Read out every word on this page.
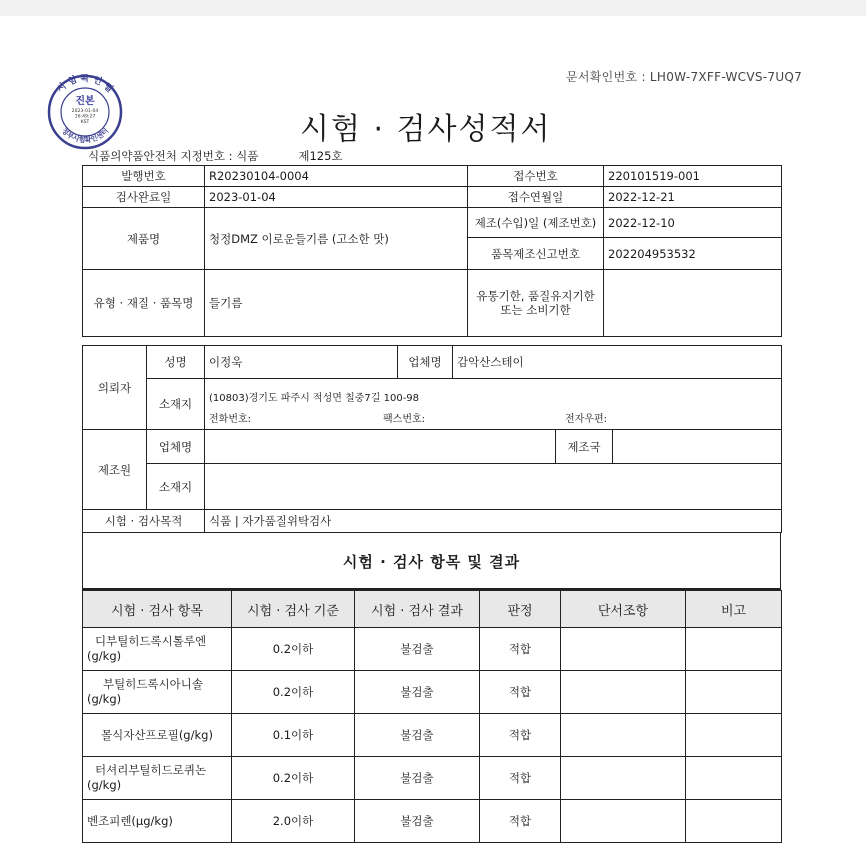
문서확인번호 : LH0W-7XFF-WCVS-7UQ7
시험 · 검사성적서
시 험 확 인 필
정부시험확인센터
진본
2023-01-04
16:49:27
KST
식품의약품안전처 지정번호 : 식품	제125호
발행번호	R20230104-0004	접수번호	220101519-001
검사완료일	2023-01-04	접수연월일	2022-12-21
제품명	청정DMZ 이로운들기름 (고소한 맛)	제조(수입)일 (제조번호)	2022-12-10
		품목제조신고번호	202204953532
유형 · 재질 · 품목명	들기름	유통기한, 품질유지기한 또는 소비기한	
의뢰자	성명	이정욱	업체명	감악산스테이
	소재지	(10803)경기도 파주시 적성면 칠중7길 100-98
전화번호: 팩스번호: 전자우편:		
제조원	업체명		제조국	
	소재지			
시험 · 검사목적	식품 | 자가품질위탁검사
시험 · 검사 항목 및 결과
시험 · 검사 항목	시험 · 검사 기준	시험 · 검사 결과	판정	단서조항	비고

디부틸히드록시톨루엔
(g/kg)	0.2이하	불검출	적합		

부틸히드록시아니솔
(g/kg)	0.2이하	불검출	적합		
몰식자산프로필(g/kg)	0.1이하	불검출	적합		

터셔리부틸히드로퀴논
(g/kg)	0.2이하	불검출	적합		
벤조피렌(μg/kg)	2.0이하	불검출	적합		
